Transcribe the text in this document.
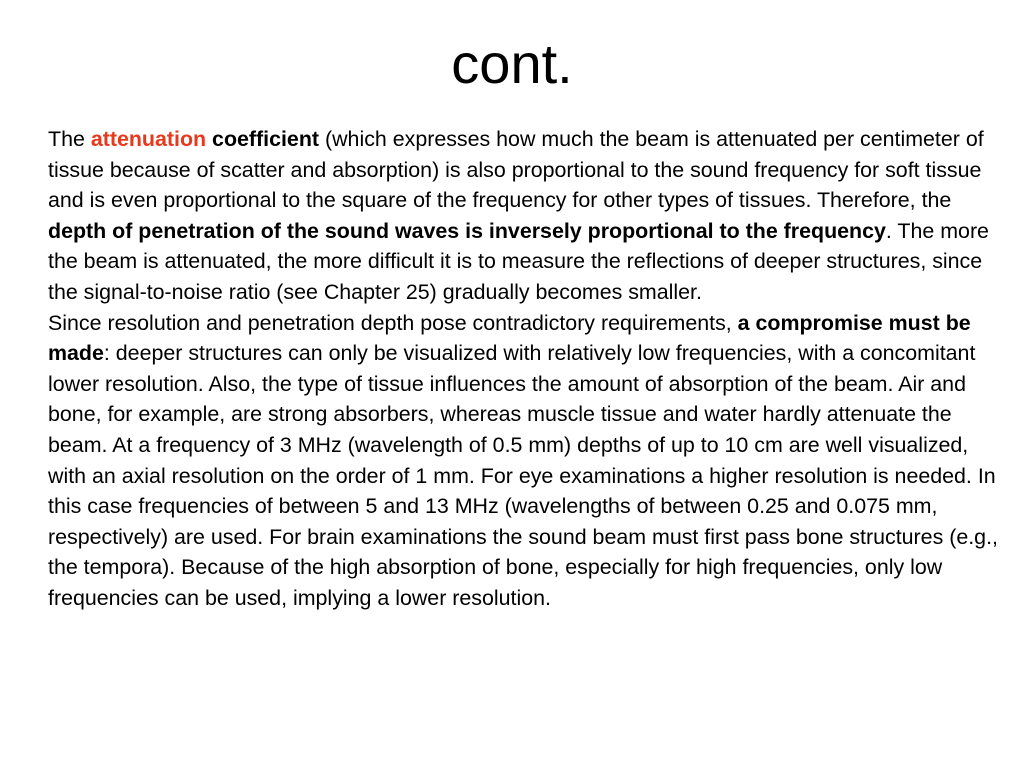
cont.

The attenuation coefficient (which expresses how much the beam is attenuated per centimeter of tissue because of scatter and absorption) is also proportional to the sound frequency for soft tissue and is even proportional to the square of the frequency for other types of tissues. Therefore, the depth of penetration of the sound waves is inversely proportional to the frequency. The more the beam is attenuated, the more difficult it is to measure the reflections of deeper structures, since the signal-to-noise ratio (see Chapter 25) gradually becomes smaller.

Since resolution and penetration depth pose contradictory requirements, a compromise must be made: deeper structures can only be visualized with relatively low frequencies, with a concomitant lower resolution. Also, the type of tissue influences the amount of absorption of the beam. Air and bone, for example, are strong absorbers, whereas muscle tissue and water hardly attenuate the beam. At a frequency of 3 MHz (wavelength of 0.5 mm) depths of up to 10 cm are well visualized, with an axial resolution on the order of 1 mm. For eye examinations a higher resolution is needed. In this case frequencies of between 5 and 13 MHz (wavelengths of between 0.25 and 0.075 mm, respectively) are used. For brain examinations the sound beam must first pass bone structures (e.g., the tempora). Because of the high absorption of bone, especially for high frequencies, only low frequencies can be used, implying a lower resolution.
